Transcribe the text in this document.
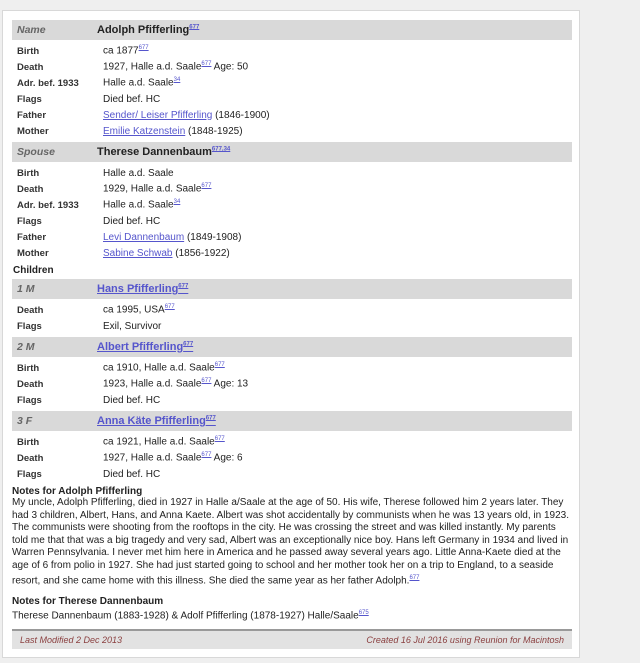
Name	Adolph Pfifferling$^{677}$
Birth	ca 1877$^{677}$
Death	1927, Halle a.d. Saale$^{677}$ Age: 50
Adr. bef. 1933	Halle a.d. Saale$^{34}$
Flags	Died bef. HC
Father	Sender/ Leiser Pfifferling (1846-1900)
Mother	Emilie Katzenstein (1848-1925)
Spouse	Therese Dannenbaum$^{677,34}$
Birth	Halle a.d. Saale
Death	1929, Halle a.d. Saale$^{677}$
Adr. bef. 1933	Halle a.d. Saale$^{34}$
Flags	Died bef. HC
Father	Levi Dannenbaum (1849-1908)
Mother	Sabine Schwab (1856-1922)
Children
1 M	Hans Pfifferling$^{677}$
Death	ca 1995, USA$^{677}$
Flags	Exil, Survivor
2 M	Albert Pfifferling$^{677}$
Birth	ca 1910, Halle a.d. Saale$^{677}$
Death	1923, Halle a.d. Saale$^{677}$ Age: 13
Flags	Died bef. HC
3 F	Anna Käte Pfifferling$^{677}$
Birth	ca 1921, Halle a.d. Saale$^{677}$
Death	1927, Halle a.d. Saale$^{677}$ Age: 6
Flags	Died bef. HC
Notes for Adolph Pfifferling
My uncle, Adolph Pfifferling, died in 1927 in Halle a/Saale at the age of 50. His wife, Therese followed him 2 years later. They had 3 children, Albert, Hans, and Anna Kaete. Albert was shot accidentally by communists when he was 13 years old, in 1923. The communists were shooting from the rooftops in the city. He was crossing the street and was killed instantly. My parents told me that that was a big tragedy and very sad, Albert was an exceptionally nice boy. Hans left Germany in 1934 and lived in Warren Pennsylvania. I never met him here in America and he passed away several years ago. Little Anna-Kaete died at the age of 6 from polio in 1927. She had just started going to school and her mother took her on a trip to England, to a seaside resort, and she came home with this illness. She died the same year as her father Adolph.$^{677}$
Notes for Therese Dannenbaum
Therese Dannenbaum (1883-1928) & Adolf Pfifferling (1878-1927) Halle/Saale$^{675}$
Last Modified 2 Dec 2013	Created 16 Jul 2016 using Reunion for Macintosh
